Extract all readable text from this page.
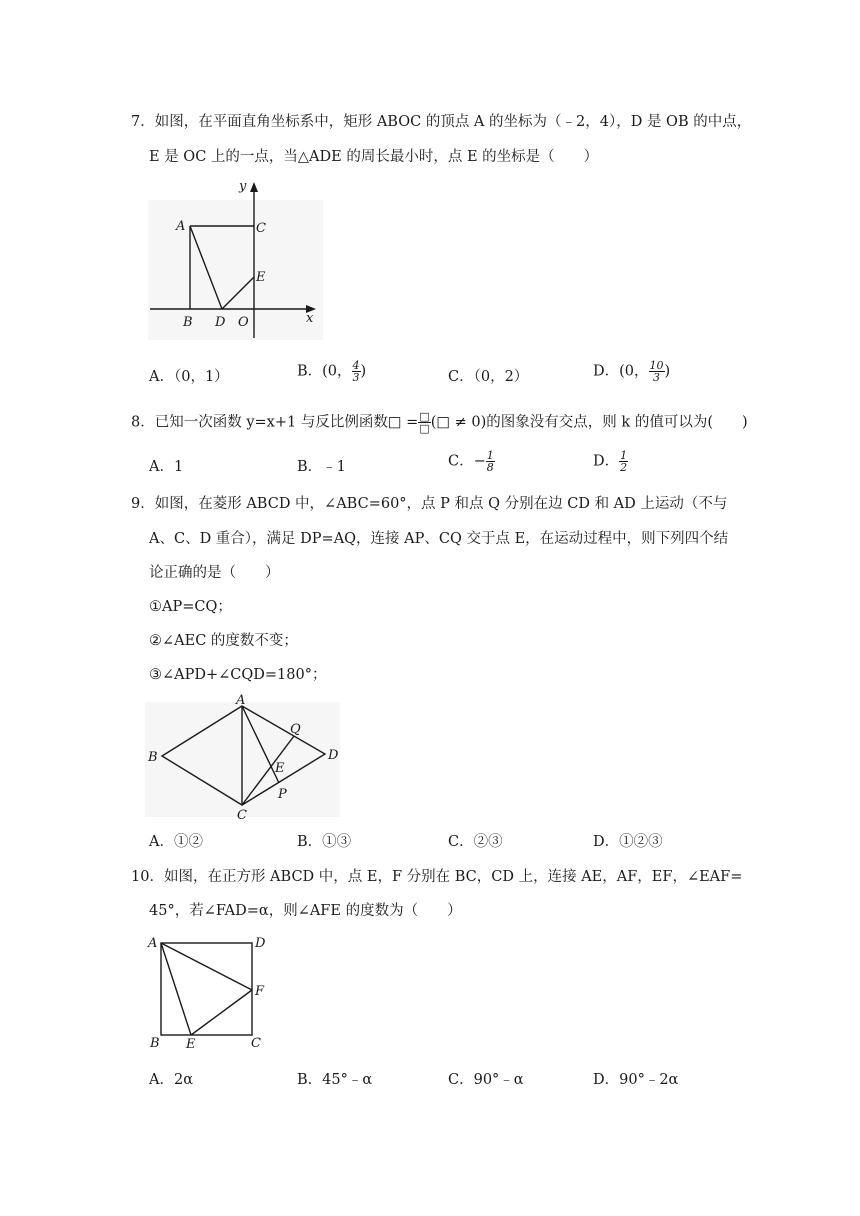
7．如图，在平面直角坐标系中，矩形 ABOC 的顶点 A 的坐标为（﹣2，4），D 是 OB 的中点，
E 是 OC 上的一点，当△ADE 的周长最小时，点 E 的坐标是（　　）
y
x
A	C
E
B D O
A．（0，1）	B．(0， $\frac{4}{3}$ )	C．（0，2）	D．(0， $\frac{10}{3}$ )
8．已知一次函数 y=x+1 与反比例函数□ = $\frac{□}{□}$ (□ ≠ 0)的图象没有交点，则 k 的值可以为(　　)
A．1	B．﹣1	C．− $\frac{1}{8}$	D． $\frac{1}{2}$
9．如图，在菱形 ABCD 中，∠ABC=60°，点 P 和点 Q 分别在边 CD 和 AD 上运动（不与
A、C、D 重合），满足 DP=AQ，连接 AP、CQ 交于点 E，在运动过程中，则下列四个结
论正确的是（　　）
①AP=CQ；
②∠AEC 的度数不变；
③∠APD+∠CQD=180°；
A
B
C
D
E
P
Q
A．①②	B．①③	C．②③	D．①②③
10．如图，在正方形 ABCD 中，点 E，F 分别在 BC，CD 上，连接 AE，AF，EF，∠EAF=
45°，若∠FAD=α，则∠AFE 的度数为（　　）
A	D
F
B E	C
A．2α	B．45°﹣α	C．90°﹣α	D．90°﹣2α
